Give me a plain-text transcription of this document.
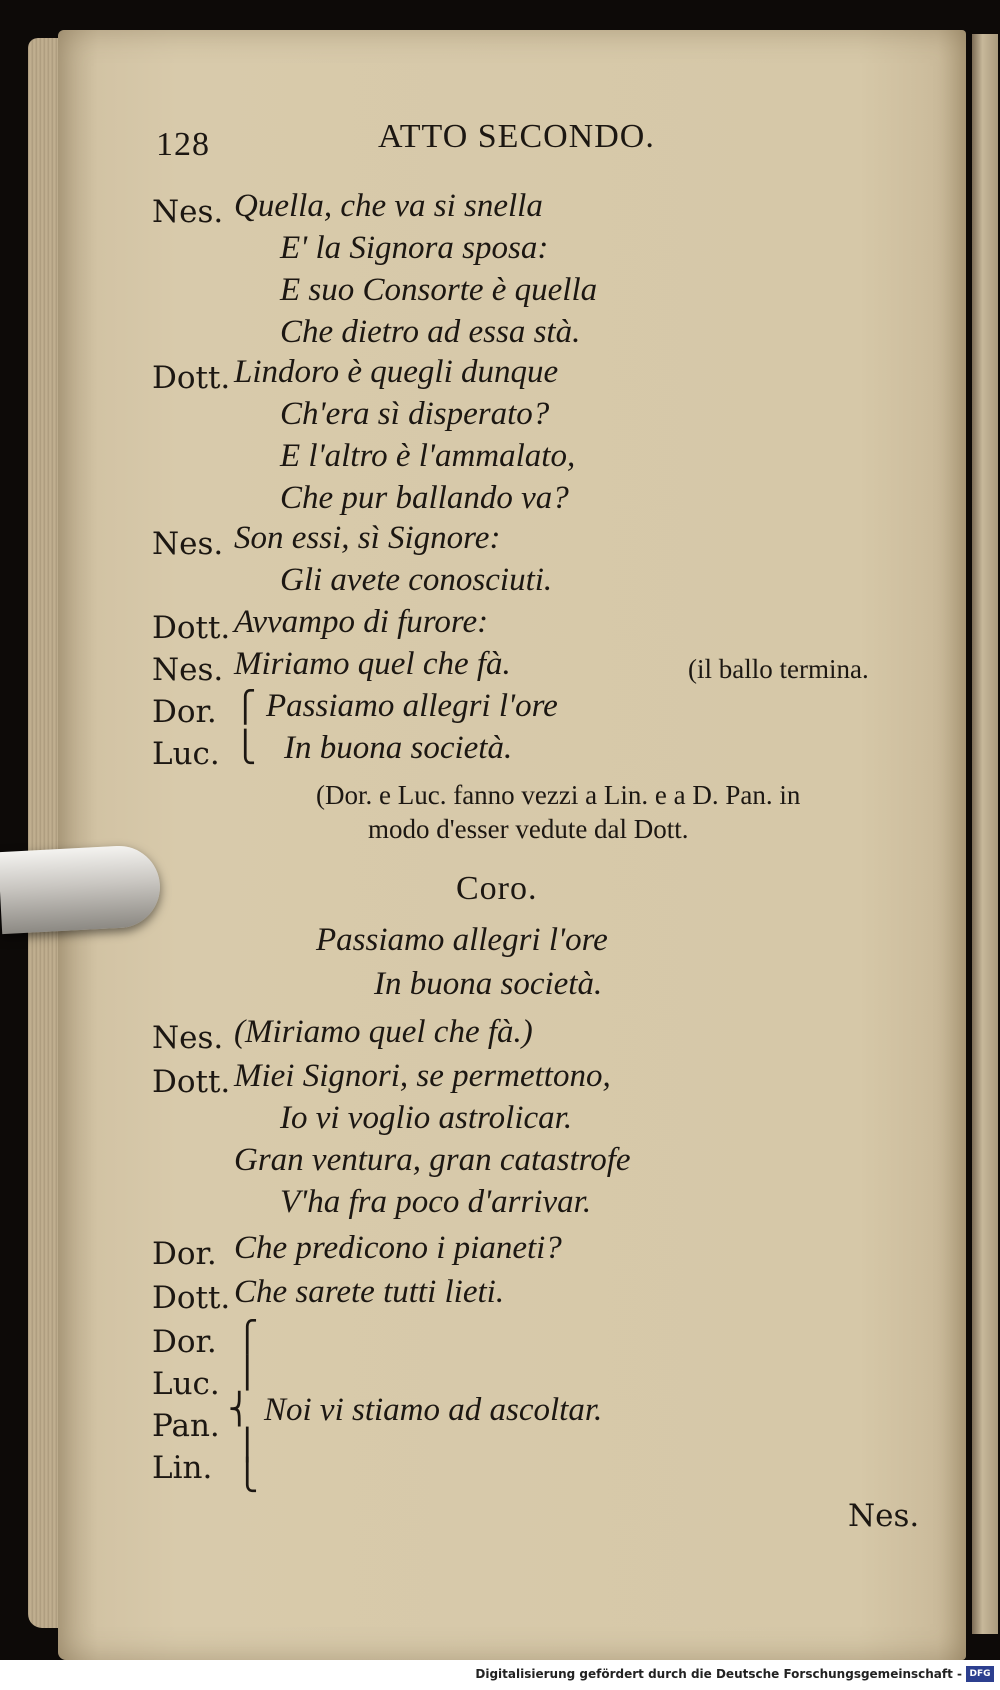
128	ATTO SECONDO.
Nes. Quella, che va si snella
E' la Signora sposa:
E suo Consorte è quella
Che dietro ad essa stà.
Dott. Lindoro è quegli dunque
Ch'era sì disperato?
E l'altro è l'ammalato,
Che pur ballando va?
Nes. Son essi, sì Signore:
Gli avete conosciuti.
Dott. Avvampo di furore:
Nes. Miriamo quel che fà.	(il ballo termina.
Dor. ⎧ Passiamo allegri l'ore
Luc. ⎩ In buona società.
(Dor. e Luc. fanno vezzi a Lin. e a D. Pan. in
modo d'esser vedute dal Dott.
Coro.
Passiamo allegri l'ore
In buona società.
Nes. (Miriamo quel che fà.)
Dott. Miei Signori, se permettono,
Io vi voglio astrolicar.
Gran ventura, gran catastrofe
V'ha fra poco d'arrivar.
Dor. Che predicono i pianeti?
Dott. Che sarete tutti lieti.
Dor.
Luc.
Pan.
Lin.
⎧
⎪
⎨
⎪
⎩
Noi vi stiamo ad ascoltar.
Nes.
Digitalisierung gefördert durch die Deutsche Forschungsgemeinschaft - DFG
